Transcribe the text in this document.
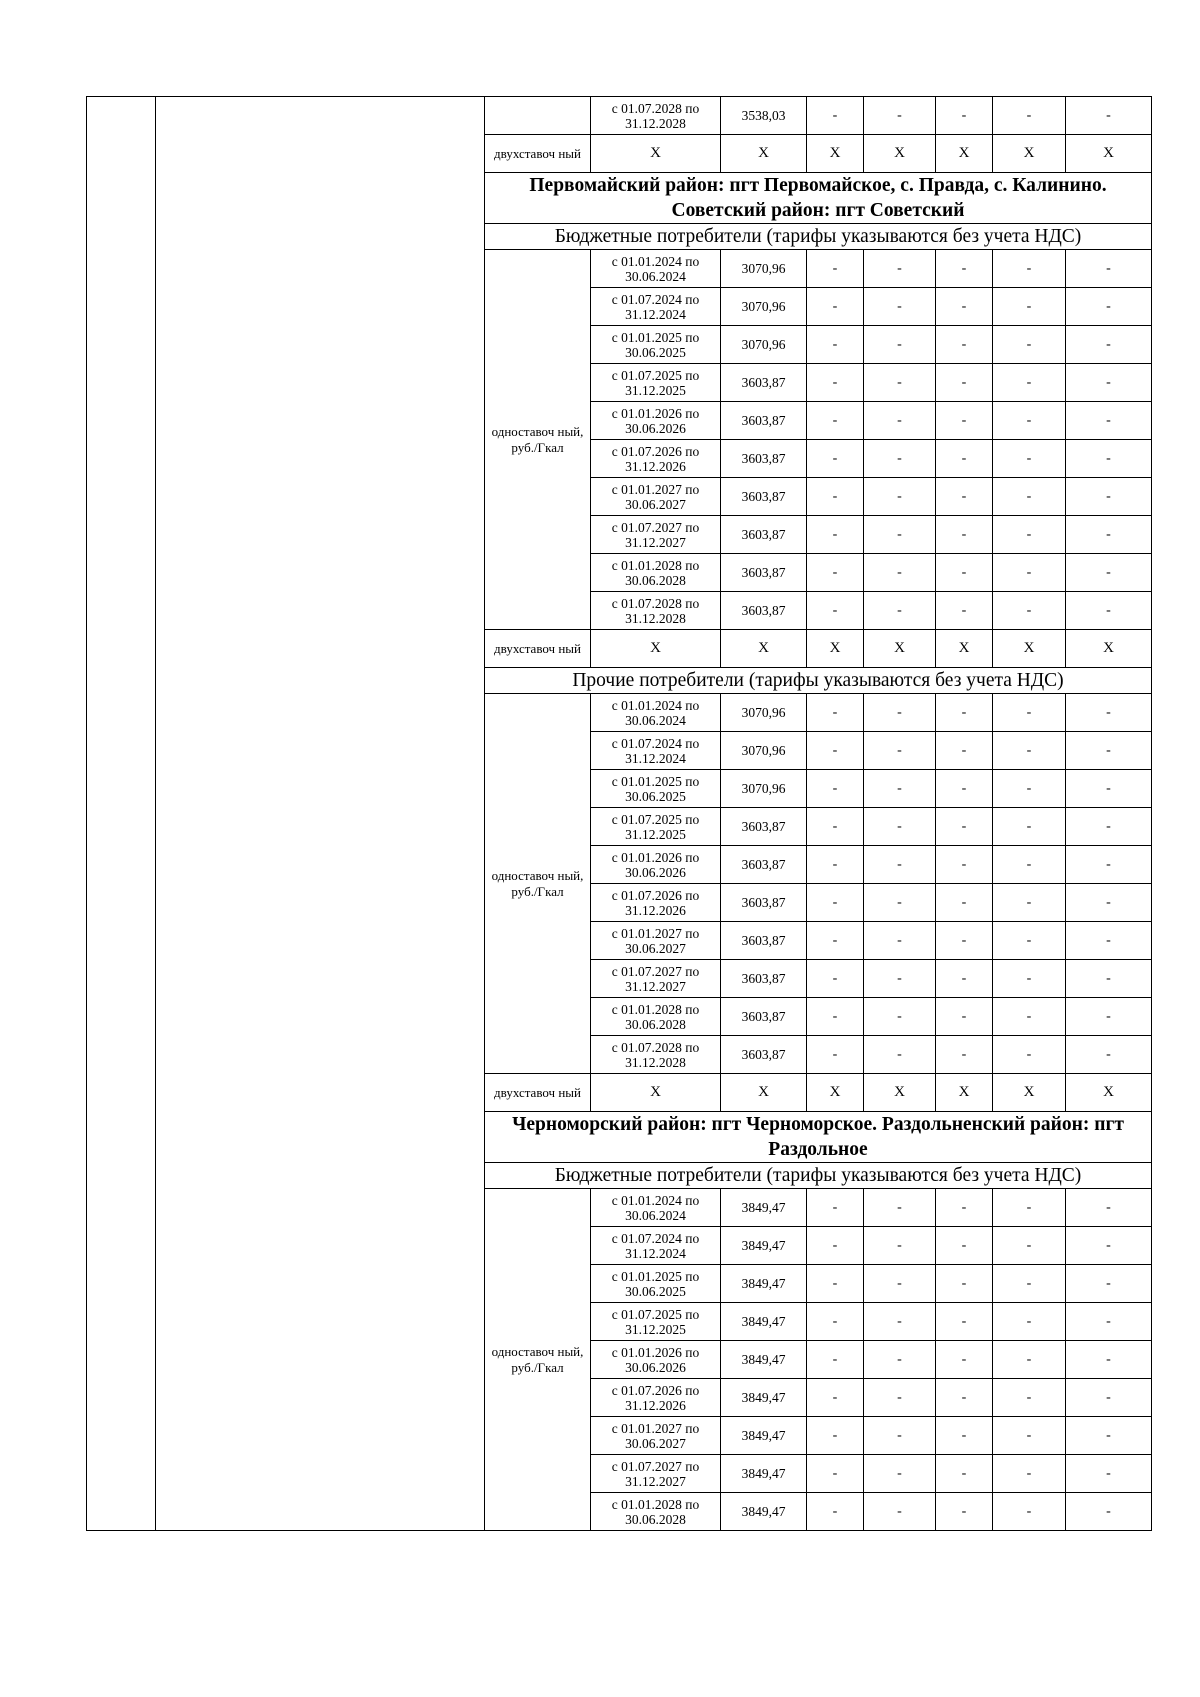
			с 01.07.2028 по 31.12.2028	3538,03	-	-	-	-	-	
		двухставоч ный	Х	Х	Х	Х	Х	Х	Х	
		Первомайский район: пгт Первомайское, с. Правда, с. Калинино.
Советский район: пгт Советский								
		Бюджетные потребители (тарифы указываются без учета НДС)								
		одноставоч ный, руб./Гкал	с 01.01.2024 по 30.06.2024	3070,96	-	-	-	-	-	
			с 01.07.2024 по 31.12.2024	3070,96	-	-	-	-	-	
			с 01.01.2025 по 30.06.2025	3070,96	-	-	-	-	-	
			с 01.07.2025 по 31.12.2025	3603,87	-	-	-	-	-	
			с 01.01.2026 по 30.06.2026	3603,87	-	-	-	-	-	
			с 01.07.2026 по 31.12.2026	3603,87	-	-	-	-	-	
			с 01.01.2027 по 30.06.2027	3603,87	-	-	-	-	-	
			с 01.07.2027 по 31.12.2027	3603,87	-	-	-	-	-	
			с 01.01.2028 по 30.06.2028	3603,87	-	-	-	-	-	
			с 01.07.2028 по 31.12.2028	3603,87	-	-	-	-	-	
		двухставоч ный	Х	Х	Х	Х	Х	Х	Х	
		Прочие потребители (тарифы указываются без учета НДС)								
		одноставоч ный, руб./Гкал	с 01.01.2024 по 30.06.2024	3070,96	-	-	-	-	-	
			с 01.07.2024 по 31.12.2024	3070,96	-	-	-	-	-	
			с 01.01.2025 по 30.06.2025	3070,96	-	-	-	-	-	
			с 01.07.2025 по 31.12.2025	3603,87	-	-	-	-	-	
			с 01.01.2026 по 30.06.2026	3603,87	-	-	-	-	-	
			с 01.07.2026 по 31.12.2026	3603,87	-	-	-	-	-	
			с 01.01.2027 по 30.06.2027	3603,87	-	-	-	-	-	
			с 01.07.2027 по 31.12.2027	3603,87	-	-	-	-	-	
			с 01.01.2028 по 30.06.2028	3603,87	-	-	-	-	-	
			с 01.07.2028 по 31.12.2028	3603,87	-	-	-	-	-	
		двухставоч ный	Х	Х	Х	Х	Х	Х	Х	
		Черноморский район: пгт Черноморское. Раздольненский район: пгт Раздольное								
		Бюджетные потребители (тарифы указываются без учета НДС)								
		одноставоч ный, руб./Гкал	с 01.01.2024 по 30.06.2024	3849,47	-	-	-	-	-	
			с 01.07.2024 по 31.12.2024	3849,47	-	-	-	-	-	
			с 01.01.2025 по 30.06.2025	3849,47	-	-	-	-	-	
			с 01.07.2025 по 31.12.2025	3849,47	-	-	-	-	-	
			с 01.01.2026 по 30.06.2026	3849,47	-	-	-	-	-	
			с 01.07.2026 по 31.12.2026	3849,47	-	-	-	-	-	
			с 01.01.2027 по 30.06.2027	3849,47	-	-	-	-	-	
			с 01.07.2027 по 31.12.2027	3849,47	-	-	-	-	-	
			с 01.01.2028 по 30.06.2028	3849,47	-	-	-	-	-	
